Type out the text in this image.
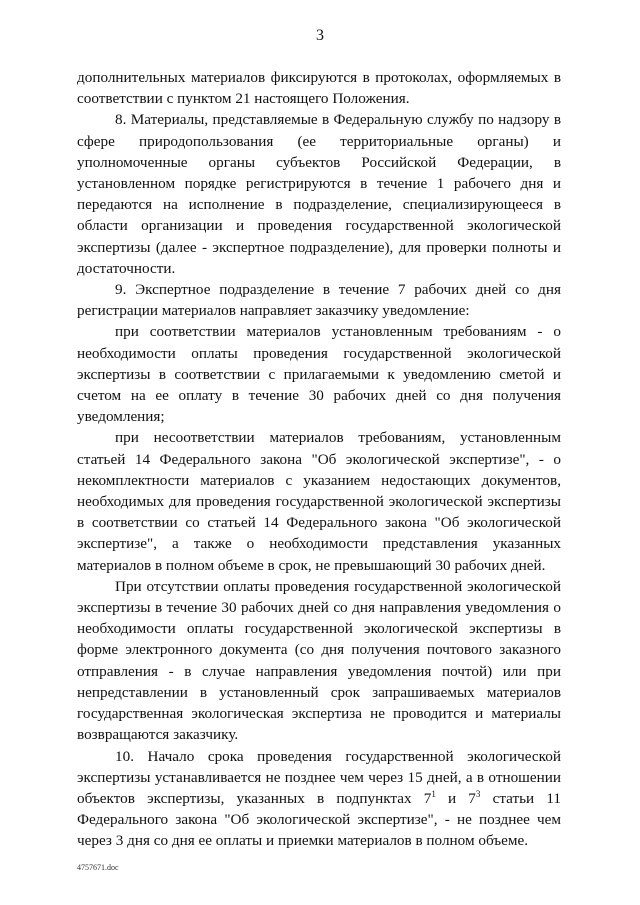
3

дополнительных материалов фиксируются в протоколах, оформляемых в соответствии с пунктом 21 настоящего Положения.

8. Материалы, представляемые в Федеральную службу по надзору в сфере природопользования (ее территориальные органы) и уполномоченные органы субъектов Российской Федерации, в установленном порядке регистрируются в течение 1 рабочего дня и передаются на исполнение в подразделение, специализирующееся в области организации и проведения государственной экологической экспертизы (далее - экспертное подразделение), для проверки полноты и достаточности.

9. Экспертное подразделение в течение 7 рабочих дней со дня регистрации материалов направляет заказчику уведомление:

при соответствии материалов установленным требованиям - о необходимости оплаты проведения государственной экологической экспертизы в соответствии с прилагаемыми к уведомлению сметой и счетом на ее оплату в течение 30 рабочих дней со дня получения уведомления;

при несоответствии материалов требованиям, установленным статьей 14 Федерального закона "Об экологической экспертизе", - о некомплектности материалов с указанием недостающих документов, необходимых для проведения государственной экологической экспертизы в соответствии со статьей 14 Федерального закона "Об экологической экспертизе", а также о необходимости представления указанных материалов в полном объеме в срок, не превышающий 30 рабочих дней.

При отсутствии оплаты проведения государственной экологической экспертизы в течение 30 рабочих дней со дня направления уведомления о необходимости оплаты государственной экологической экспертизы в форме электронного документа (со дня получения почтового заказного отправления - в случае направления уведомления почтой) или при непредставлении в установленный срок запрашиваемых материалов государственная экологическая экспертиза не проводится и материалы возвращаются заказчику.

10. Начало срока проведения государственной экологической экспертизы устанавливается не позднее чем через 15 дней, а в отношении объектов экспертизы, указанных в подпунктах $7^1$ и $7^3$ статьи 11 Федерального закона "Об экологической экспертизе", - не позднее чем через 3 дня со дня ее оплаты и приемки материалов в полном объеме.

4757671.doc
